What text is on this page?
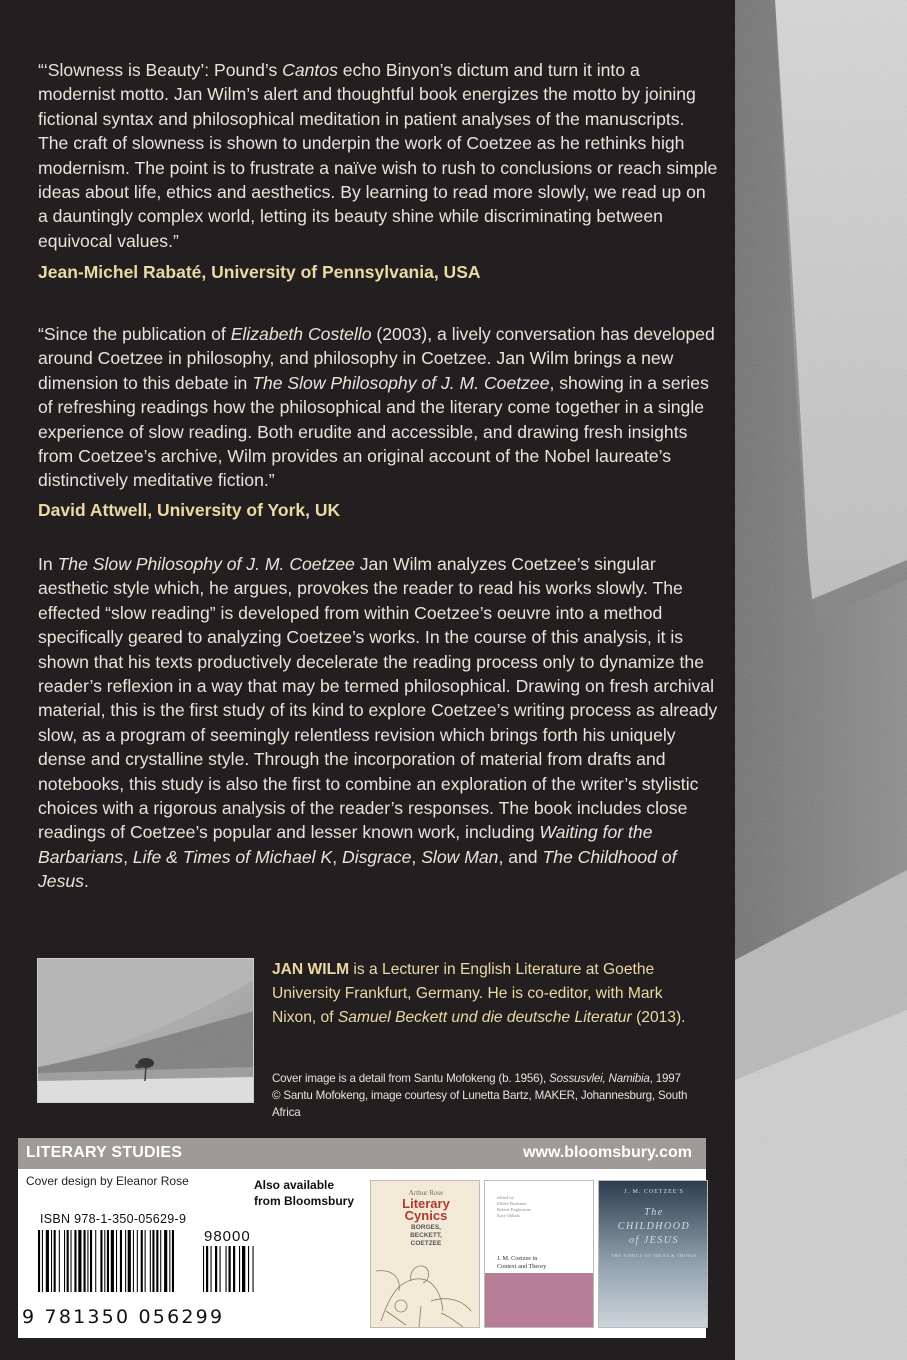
“‘Slowness is Beauty’: Pound’s Cantos echo Binyon’s dictum and turn it into a modernist motto. Jan Wilm’s alert and thoughtful book energizes the motto by joining fictional syntax and philosophical meditation in patient analyses of the manuscripts. The craft of slowness is shown to underpin the work of Coetzee as he rethinks high modernism. The point is to frustrate a naïve wish to rush to conclusions or reach simple ideas about life, ethics and aesthetics. By learning to read more slowly, we read up on a dauntingly complex world, letting its beauty shine while discriminating between equivocal values.”

Jean-Michel Rabaté, University of Pennsylvania, USA

“Since the publication of Elizabeth Costello (2003), a lively conversation has developed around Coetzee in philosophy, and philosophy in Coetzee. Jan Wilm brings a new dimension to this debate in The Slow Philosophy of J. M. Coetzee, showing in a series of refreshing readings how the philosophical and the literary come together in a single experience of slow reading. Both erudite and accessible, and drawing fresh insights from Coetzee’s archive, Wilm provides an original account of the Nobel laureate’s distinctively meditative fiction.”

David Attwell, University of York, UK

In The Slow Philosophy of J. M. Coetzee Jan Wilm analyzes Coetzee’s singular aesthetic style which, he argues, provokes the reader to read his works slowly. The effected “slow reading” is developed from within Coetzee’s oeuvre into a method specifically geared to analyzing Coetzee’s works. In the course of this analysis, it is shown that his texts productively decelerate the reading process only to dynamize the reader’s reflexion in a way that may be termed philosophical. Drawing on fresh archival material, this is the first study of its kind to explore Coetzee’s writing process as already slow, as a program of seemingly relentless revision which brings forth his uniquely dense and crystalline style. Through the incorporation of material from drafts and notebooks, this study is also the first to combine an exploration of the writer’s stylistic choices with a rigorous analysis of the reader’s responses. The book includes close readings of Coetzee’s popular and lesser known work, including Waiting for the Barbarians, Life & Times of Michael K, Disgrace, Slow Man, and The Childhood of Jesus.

JAN WILM is a Lecturer in English Literature at Goethe University Frankfurt, Germany. He is co-editor, with Mark Nixon, of Samuel Beckett und die deutsche Literatur (2013).

Cover image is a detail from Santu Mofokeng (b. 1956), Sossusvlei, Namibia, 1997
© Santu Mofokeng, image courtesy of Lunetta Bartz, MAKER, Johannesburg, South Africa

LITERARY STUDIES	www.bloomsbury.com
Cover design by Eleanor Rose
ISBN 978-1-350-05629-9
98000
9 781350 056299
Also available
from Bloomsbury
Arthur Rose
Literary
Cynics
BORGES,
BECKETT,
COETZEE
edited by
Elleke Boehmer
Robert Eaglestone
Katy Iddiols
J. M. Coetzee in
Context and Theory
J. M. COETZEE'S
The
CHILDHOOD
of JESUS
THE ETHICS OF IDEAS & THINGS
